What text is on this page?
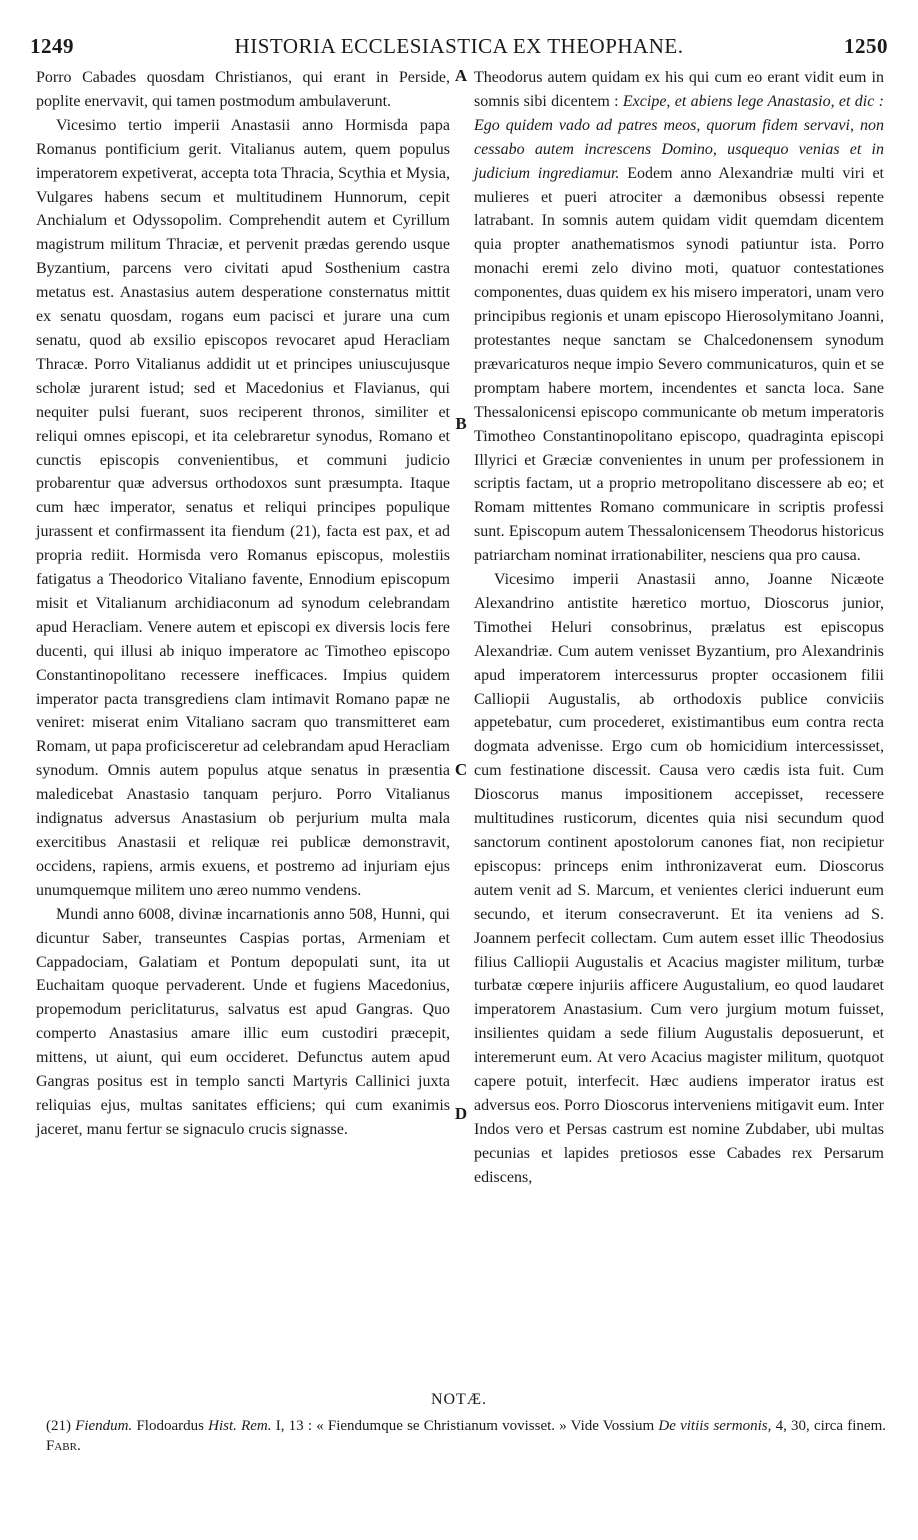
1249	HISTORIA ECCLESIASTICA EX THEOPHANE.	1250

Porro Cabades quosdam Christianos, qui erant in Perside, poplite enervavit, qui tamen postmodum ambulaverunt.

Vicesimo tertio imperii Anastasii anno Hormisda papa Romanus pontificium gerit. Vitalianus autem, quem populus imperatorem expetiverat, accepta tota Thracia, Scythia et Mysia, Vulgares habens secum et multitudinem Hunnorum, cepit Anchialum et Odyssopolim. Comprehendit autem et Cyrillum magistrum militum Thraciæ, et pervenit prædas gerendo usque Byzantium, parcens vero civitati apud Sosthenium castra metatus est. Anastasius autem desperatione consternatus mittit ex senatu quosdam, rogans eum pacisci et jurare una cum senatu, quod ab exsilio episcopos revocaret apud Heracliam Thracæ. Porro Vitalianus addidit ut et principes uniuscujusque scholæ jurarent istud; sed et Macedonius et Flavianus, qui nequiter pulsi fuerant, suos reciperent thronos, similiter et reliqui omnes episcopi, et ita celebraretur synodus, Romano et cunctis episcopis convenientibus, et communi judicio probarentur quæ adversus orthodoxos sunt præsumpta. Itaque cum hæc imperator, senatus et reliqui principes populique jurassent et confirmassent ita fiendum (21), facta est pax, et ad propria rediit. Hormisda vero Romanus episcopus, molestiis fatigatus a Theodorico Vitaliano favente, Ennodium episcopum misit et Vitalianum archidiaconum ad synodum celebrandam apud Heracliam. Venere autem et episcopi ex diversis locis fere ducenti, qui illusi ab iniquo imperatore ac Timotheo episcopo Constantinopolitano recessere inefficaces. Impius quidem imperator pacta transgrediens clam intimavit Romano papæ ne veniret: miserat enim Vitaliano sacram quo transmitteret eam Romam, ut papa proficisceretur ad celebrandam apud Heracliam synodum. Omnis autem populus atque senatus in præsentia maledicebat Anastasio tanquam perjuro. Porro Vitalianus indignatus adversus Anastasium ob perjurium multa mala exercitibus Anastasii et reliquæ rei publicæ demonstravit, occidens, rapiens, armis exuens, et postremo ad injuriam ejus unumquemque militem uno æreo nummo vendens.

Mundi anno 6008, divinæ incarnationis anno 508, Hunni, qui dicuntur Saber, transeuntes Caspias portas, Armeniam et Cappadociam, Galatiam et Pontum depopulati sunt, ita ut Euchaitam quoque pervaderent. Unde et fugiens Macedonius, propemodum periclitaturus, salvatus est apud Gangras. Quo comperto Anastasius amare illic eum custodiri præcepit, mittens, ut aiunt, qui eum occideret. Defunctus autem apud Gangras positus est in templo sancti Martyris Callinici juxta reliquias ejus, multas sanitates efficiens; qui cum exanimis jaceret, manu fertur se signaculo crucis signasse.

A
B
C
D

Theodorus autem quidam ex his qui cum eo erant vidit eum in somnis sibi dicentem : Excipe, et abiens lege Anastasio, et dic : Ego quidem vado ad patres meos, quorum fidem servavi, non cessabo autem increscens Domino, usquequo venias et in judicium ingrediamur. Eodem anno Alexandriæ multi viri et mulieres et pueri atrociter a dæmonibus obsessi repente latrabant. In somnis autem quidam vidit quemdam dicentem quia propter anathematismos synodi patiuntur ista. Porro monachi eremi zelo divino moti, quatuor contestationes componentes, duas quidem ex his misero imperatori, unam vero principibus regionis et unam episcopo Hierosolymitano Joanni, protestantes neque sanctam se Chalcedonensem synodum prævaricaturos neque impio Severo communicaturos, quin et se promptam habere mortem, incendentes et sancta loca. Sane Thessalonicensi episcopo communicante ob metum imperatoris Timotheo Constantinopolitano episcopo, quadraginta episcopi Illyrici et Græciæ convenientes in unum per professionem in scriptis factam, ut a proprio metropolitano discessere ab eo; et Romam mittentes Romano communicare in scriptis professi sunt. Episcopum autem Thessalonicensem Theodorus historicus patriarcham nominat irrationabiliter, nesciens qua pro causa.

Vicesimo imperii Anastasii anno, Joanne Nicæote Alexandrino antistite hæretico mortuo, Dioscorus junior, Timothei Heluri consobrinus, prælatus est episcopus Alexandriæ. Cum autem venisset Byzantium, pro Alexandrinis apud imperatorem intercessurus propter occasionem filii Calliopii Augustalis, ab orthodoxis publice conviciis appetebatur, cum procederet, existimantibus eum contra recta dogmata advenisse. Ergo cum ob homicidium intercessisset, cum festinatione discessit. Causa vero cædis ista fuit. Cum Dioscorus manus impositionem accepisset, recessere multitudines rusticorum, dicentes quia nisi secundum quod sanctorum continent apostolorum canones fiat, non recipietur episcopus: princeps enim inthronizaverat eum. Dioscorus autem venit ad S. Marcum, et venientes clerici induerunt eum secundo, et iterum consecraverunt. Et ita veniens ad S. Joannem perfecit collectam. Cum autem esset illic Theodosius filius Calliopii Augustalis et Acacius magister militum, turbæ turbatæ cœpere injuriis afficere Augustalium, eo quod laudaret imperatorem Anastasium. Cum vero jurgium motum fuisset, insilientes quidam a sede filium Augustalis deposuerunt, et interemerunt eum. At vero Acacius magister militum, quotquot capere potuit, interfecit. Hæc audiens imperator iratus est adversus eos. Porro Dioscorus interveniens mitigavit eum. Inter Indos vero et Persas castrum est nomine Zubdaber, ubi multas pecunias et lapides pretiosos esse Cabades rex Persarum ediscens,

NOTÆ.
(21) Fiendum. Flodoardus Hist. Rem. I, 13 : « Fiendumque se Christianum vovisset. » Vide Vossium De vitiis sermonis, 4, 30, circa finem. Fabr.
